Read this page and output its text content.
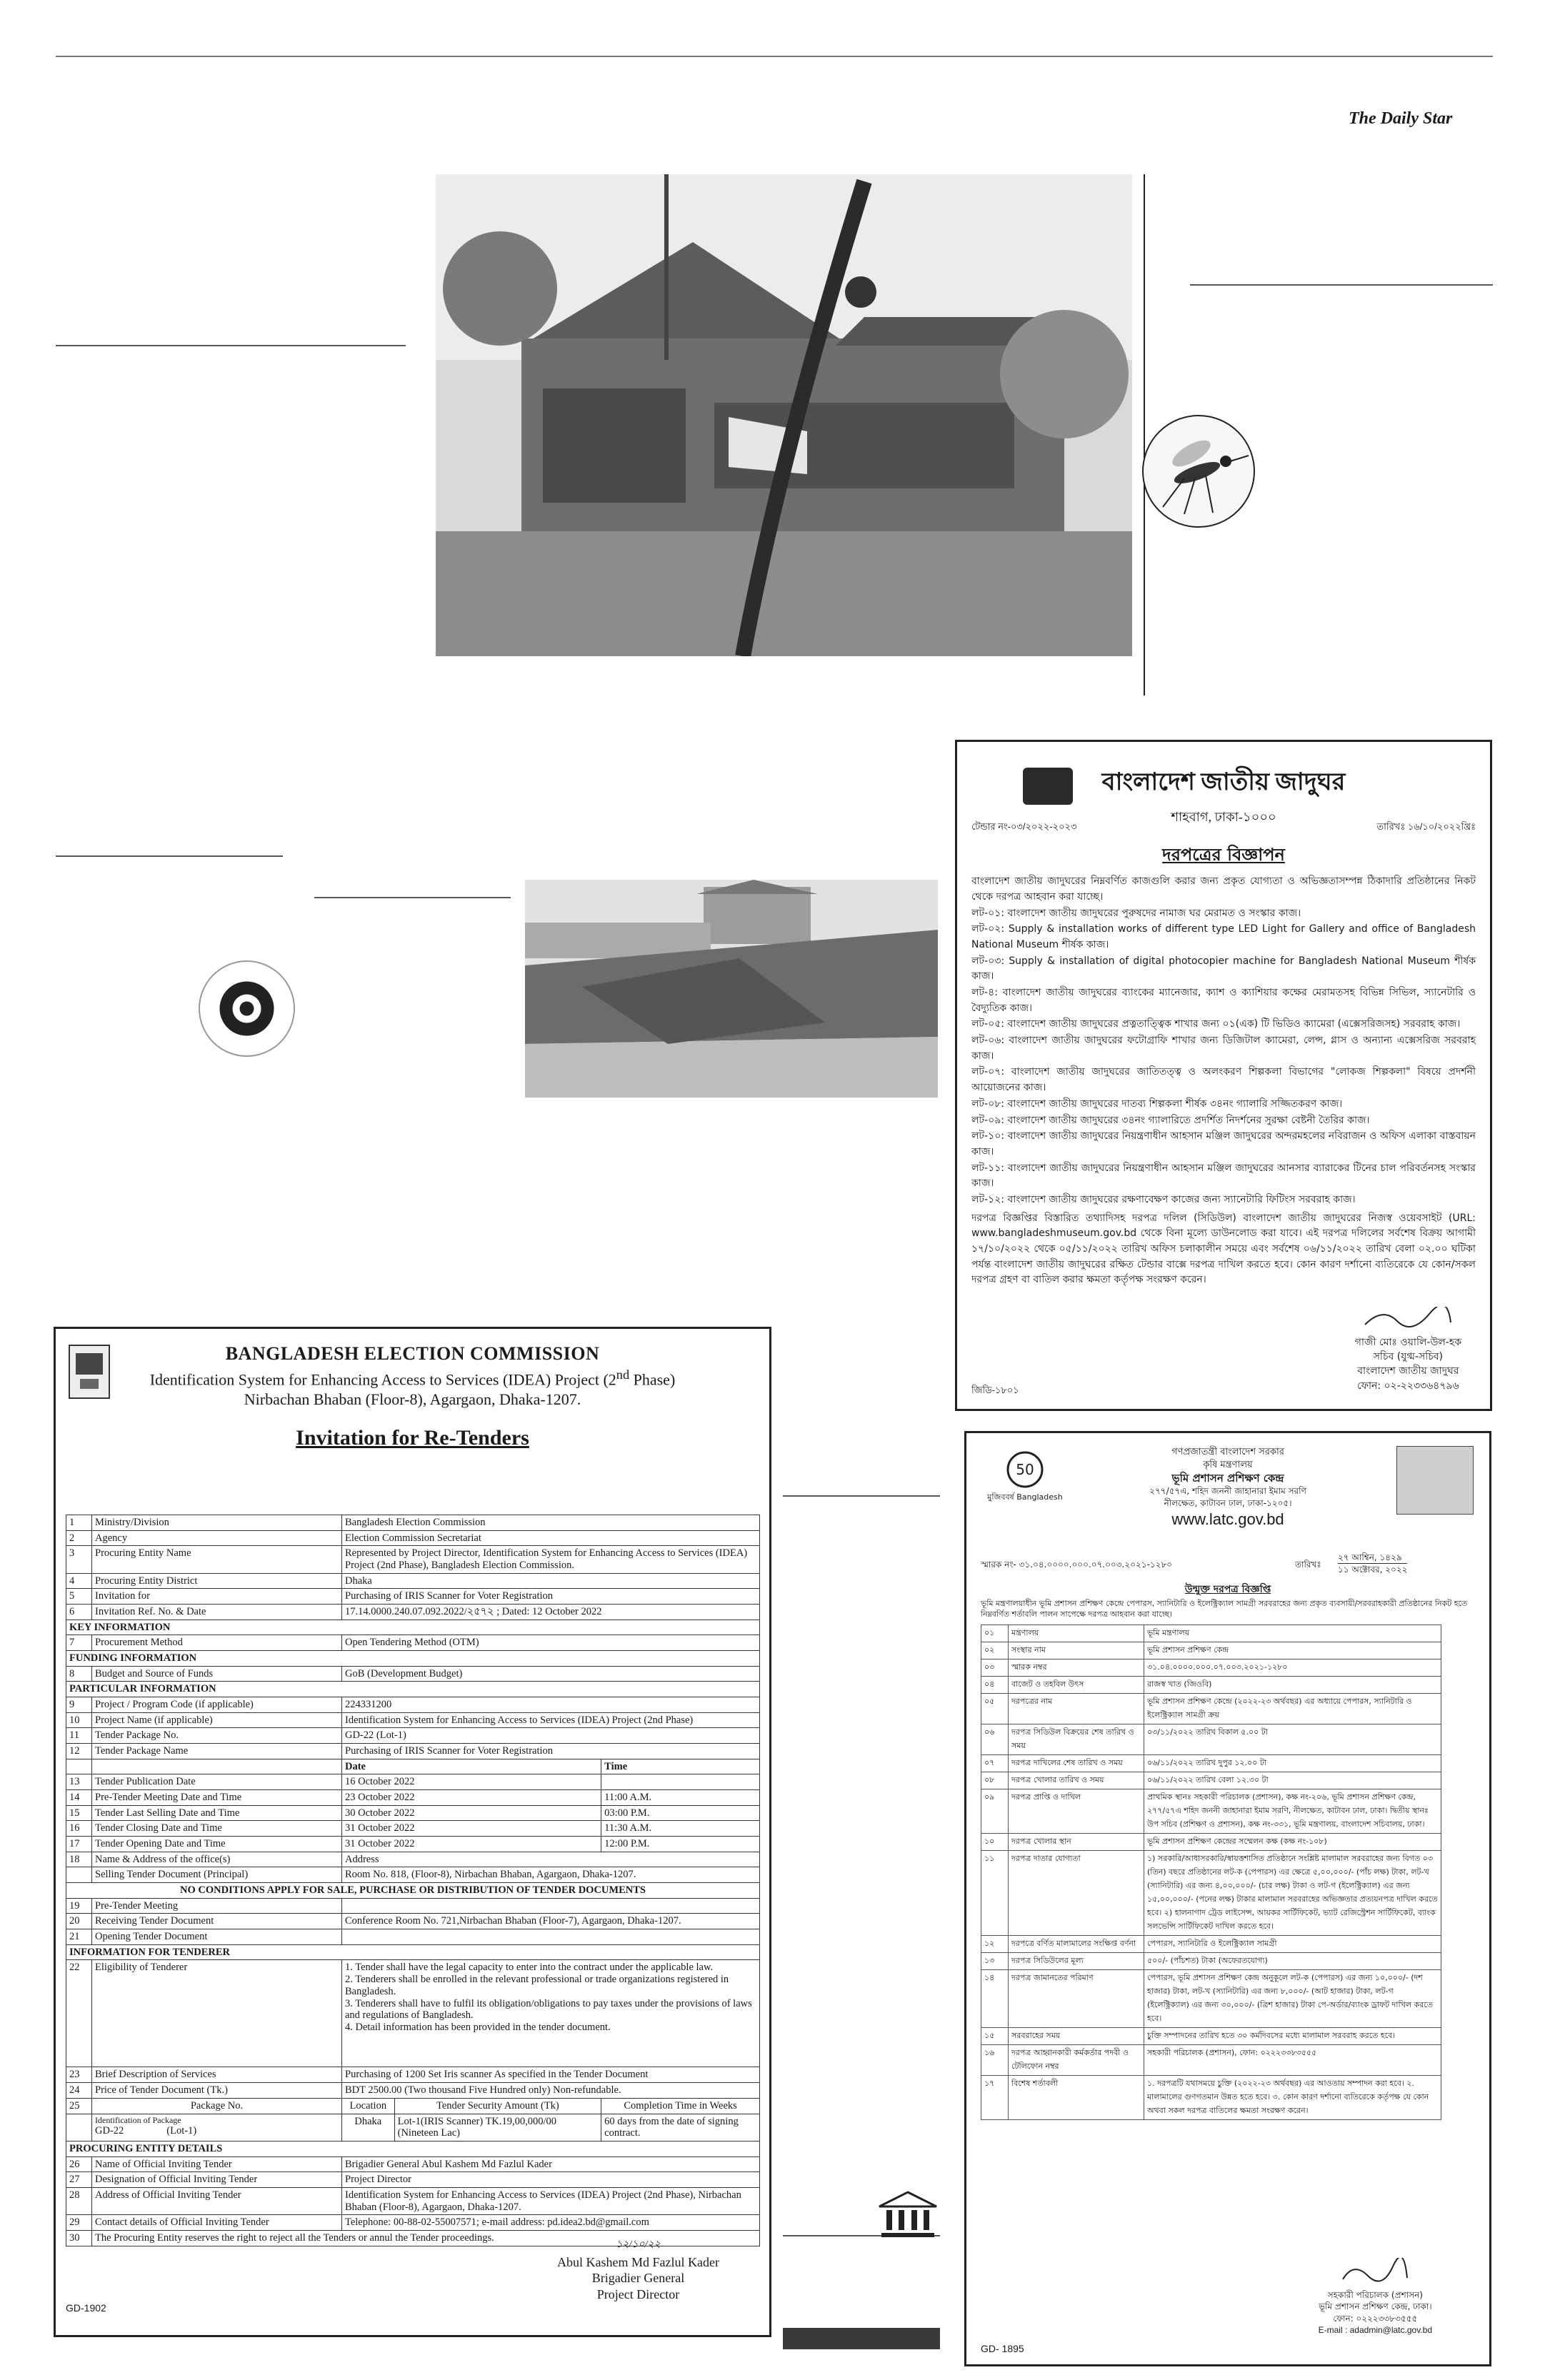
The Daily Star
BANGLADESH ELECTION COMMISSION
Identification System for Enhancing Access to Services (IDEA) Project (2nd Phase)
Nirbachan Bhaban (Floor-8), Agargaon, Dhaka-1207.
Invitation for Re-Tenders
1	Ministry/Division	Bangladesh Election Commission		
2	Agency	Election Commission Secretariat		
3	Procuring Entity Name	Represented by Project Director, Identification System for Enhancing Access to Services (IDEA) Project (2nd Phase), Bangladesh Election Commission.		
4	Procuring Entity District	Dhaka		
5	Invitation for	Purchasing of IRIS Scanner for Voter Registration		
6	Invitation Ref. No. & Date	17.14.0000.240.07.092.2022/২৫৭২ ; Dated: 12 October 2022		
KEY INFORMATION				
7	Procurement Method	Open Tendering Method (OTM)		
FUNDING INFORMATION				
8	Budget and Source of Funds	GoB (Development Budget)		
PARTICULAR INFORMATION				
9	Project / Program Code (if applicable)	224331200		
10	Project Name (if applicable)	Identification System for Enhancing Access to Services (IDEA) Project (2nd Phase)		
11	Tender Package No.	GD-22 (Lot-1)		
12	Tender Package Name	Purchasing of IRIS Scanner for Voter Registration		
		Date		Time
13	Tender Publication Date	16 October 2022		
14	Pre-Tender Meeting Date and Time	23 October 2022		11:00 A.M.
15	Tender Last Selling Date and Time	30 October 2022		03:00 P.M.
16	Tender Closing Date and Time	31 October 2022		11:30 A.M.
17	Tender Opening Date and Time	31 October 2022		12:00 P.M.
18	Name & Address of the office(s)	Address		
	Selling Tender Document (Principal)	Room No. 818, (Floor-8), Nirbachan Bhaban, Agargaon, Dhaka-1207.		
NO CONDITIONS APPLY FOR SALE, PURCHASE OR DISTRIBUTION OF TENDER DOCUMENTS				
19	Pre-Tender Meeting			
20	Receiving Tender Document	Conference Room No. 721,Nirbachan Bhaban (Floor-7), Agargaon, Dhaka-1207.		
21	Opening Tender Document			
INFORMATION FOR TENDERER				
22	Eligibility of Tenderer	1. Tender shall have the legal capacity to enter into the contract under the applicable law.
2. Tenderers shall be enrolled in the relevant professional or trade organizations registered in Bangladesh.
3. Tenderers shall have to fulfil its obligation/obligations to pay taxes under the provisions of laws and regulations of Bangladesh.
4. Detail information has been provided in the tender document.		
23	Brief Description of Services	Purchasing of 1200 Set Iris scanner As specified in the Tender Document		
24	Price of Tender Document (Tk.)	BDT 2500.00 (Two thousand Five Hundred only) Non-refundable.		
25	Package No.	Location	Tender Security Amount (Tk)	Completion Time in Weeks

	Identification of Package
GD-22 (Lot-1)	Dhaka	Lot-1(IRIS Scanner) TK.19,00,000/00 (Nineteen Lac)	60 days from the date of signing contract.
PROCURING ENTITY DETAILS				
26	Name of Official Inviting Tender	Brigadier General Abul Kashem Md Fazlul Kader		
27	Designation of Official Inviting Tender	Project Director		
28	Address of Official Inviting Tender	Identification System for Enhancing Access to Services (IDEA) Project (2nd Phase), Nirbachan Bhaban (Floor-8), Agargaon, Dhaka-1207.		
29	Contact details of Official Inviting Tender	Telephone: 00-88-02-55007571; e-mail address: pd.idea2.bd@gmail.com		
30	The Procuring Entity reserves the right to reject all the Tenders or annul the Tender proceedings.			
১২/১০/২২
Abul Kashem Md Fazlul Kader
Brigadier General
Project Director
GD-1902
বাংলাদেশ জাতীয় জাদুঘর
শাহবাগ, ঢাকা-১০০০
টেন্ডার নং-০৩/২০২২-২০২৩	তারিখঃ ১৬/১০/২০২২খ্রিঃ
দরপত্রের বিজ্ঞাপন

বাংলাদেশ জাতীয় জাদুঘরের নিম্নবর্ণিত কাজগুলি করার জন্য প্রকৃত যোগ্যতা ও অভিজ্ঞতাসম্পন্ন ঠিকাদারি প্রতিষ্ঠানের নিকট থেকে দরপত্র আহবান করা যাচ্ছে।

লট-০১: বাংলাদেশ জাতীয় জাদুঘরের পুরুষদের নামাজ ঘর মেরামত ও সংস্কার কাজ।

লট-০২: Supply & installation works of different type LED Light for Gallery and office of Bangladesh National Museum শীর্ষক কাজ।

লট-০৩: Supply & installation of digital photocopier machine for Bangladesh National Museum শীর্ষক কাজ।

লট-৪: বাংলাদেশ জাতীয় জাদুঘরের ব্যাংকের ম্যানেজার, ক্যাশ ও ক্যাশিয়ার কক্ষের মেরামতসহ বিভিন্ন সিভিল, স্যানেটারি ও বৈদ্যুতিক কাজ।

লট-০৫: বাংলাদেশ জাতীয় জাদুঘরের প্রত্নতাত্ত্বিক শাখার জন্য ০১(এক) টি ভিডিও ক্যামেরা (এক্সেসরিজসহ) সরবরাহ কাজ।

লট-০৬: বাংলাদেশ জাতীয় জাদুঘরের ফটোগ্রাফি শাখার জন্য ডিজিটাল ক্যামেরা, লেন্স, গ্লাস ও অন্যান্য এক্সেসরিজ সরবরাহ কাজ।

লট-০৭: বাংলাদেশ জাতীয় জাদুঘরের জাতিতত্ত্ব ও অলংকরণ শিল্পকলা বিভাগের "লোকজ শিল্পকলা" বিষয়ে প্রদর্শনী আয়োজনের কাজ।

লট-০৮: বাংলাদেশ জাতীয় জাদুঘরের দাতব্য শিল্পকলা শীর্ষক ৩৪নং গ্যালারি সজ্জিতকরণ কাজ।

লট-০৯: বাংলাদেশ জাতীয় জাদুঘরের ৩৪নং গ্যালারিতে প্রদর্শিত নিদর্শনের সুরক্ষা বেষ্টনী তৈরির কাজ।

লট-১০: বাংলাদেশ জাতীয় জাদুঘরের নিয়ন্ত্রণাধীন আহসান মঞ্জিল জাদুঘরের অন্দরমহলের নবিরাজন ও অফিস এলাকা বাস্তবায়ন কাজ।

লট-১১: বাংলাদেশ জাতীয় জাদুঘরের নিয়ন্ত্রণাধীন আহসান মঞ্জিল জাদুঘরের আনসার ব্যারাকের টিনের চাল পরিবর্তনসহ সংস্কার কাজ।

লট-১২: বাংলাদেশ জাতীয় জাদুঘরের রক্ষণাবেক্ষণ কাজের জন্য স্যানেটারি ফিটিংস সরবরাহ কাজ।

দরপত্র বিজ্ঞপ্তির বিস্তারিত তথ্যাদিসহ দরপত্র দলিল (সিডিউল) বাংলাদেশ জাতীয় জাদুঘরের নিজস্ব ওয়েবসাইট (URL: www.bangladeshmuseum.gov.bd থেকে বিনা মূল্যে ডাউনলোড করা যাবে। এই দরপত্র দলিলের সর্বশেষ বিক্রয় আগামী ১৭/১০/২০২২ থেকে ০৫/১১/২০২২ তারিখ অফিস চলাকালীন সময়ে এবং সর্বশেষ ০৬/১১/২০২২ তারিখ বেলা ০২.০০ ঘটিকা পর্যন্ত বাংলাদেশ জাতীয় জাদুঘরের রক্ষিত টেন্ডার বাক্সে দরপত্র দাখিল করতে হবে। কোন কারণ দর্শানো ব্যতিরেকে যে কোন/সকল দরপত্র গ্রহণ বা বাতিল করার ক্ষমতা কর্তৃপক্ষ সংরক্ষণ করেন।

গাজী মোঃ ওয়ালি-উল-হক
সচিব (যুগ্ম-সচিব)
বাংলাদেশ জাতীয় জাদুঘর
ফোন: ০২-২২৩৩৬৪৭৯৬
জিডি-১৮০১
50
মুজিববর্ষ Bangladesh
গণপ্রজাতন্ত্রী বাংলাদেশ সরকার
কৃষি মন্ত্রণালয়
ভূমি প্রশাসন প্রশিক্ষণ কেন্দ্র
২৭৭/৫৭এ, শহিদ জননী জাহানারা ইমাম সরণি
নীলক্ষেত, কাটাবন ঢাল, ঢাকা-১২০৫।
www.latc.gov.bd
স্মারক নং- ৩১.০৪.০০০০.০০০.০৭.০০৩.২০২১-১২৮০	তারিখঃ
২৭ আশ্বিন, ১৪২৯
১১ অক্টোবর, ২০২২
উন্মুক্ত দরপত্র বিজ্ঞপ্তি
ভূমি মন্ত্রণালয়াধীন ভূমি প্রশাসন প্রশিক্ষণ কেন্দ্রে পেপারস, স্যানিটারি ও ইলেক্ট্রিক্যাল সামগ্রী সরবরাহের জন্য প্রকৃত ব্যবসায়ী/সরবরাহকারী প্রতিষ্ঠানের নিকট হতে নিম্নবর্ণিত শর্তাবলি পালন সাপেক্ষে দরপত্র আহবান করা যাচ্ছে।
০১	মন্ত্রণালয়	ভূমি মন্ত্রণালয়
০২	সংস্থার নাম	ভূমি প্রশাসন প্রশিক্ষণ কেন্দ্র
০৩	স্মারক নম্বর	৩১.০৪.০০০০.০০০.০৭.০০৩.২০২১-১২৮০
০৪	বাজেট ও তহবিল উৎস	রাজস্ব খাত (জিওবি)
০৫	দরপত্রের নাম	ভূমি প্রশাসন প্রশিক্ষণ কেন্দ্রে (২০২২-২৩ অর্থবছর) এর অধ্যায়ে পেপারস, স্যানিটারি ও ইলেক্ট্রিক্যাল সামগ্রী ক্রয়
০৬	দরপত্র সিডিউল বিক্রয়ের শেষ তারিখ ও সময়	০৩/১১/২০২২ তারিখ বিকাল ৫.০০ টা
০৭	দরপত্র দাখিলের শেষ তারিখ ও সময়	০৬/১১/২০২২ তারিখ দুপুর ১২.০০ টা
০৮	দরপত্র খোলার তারিখ ও সময়	০৬/১১/২০২২ তারিখ বেলা ১২.৩০ টা
০৯	দরপত্র প্রাপ্তি ও দাখিল	প্রাথমিক স্থানঃ সহকারী পরিচালক (প্রশাসন), কক্ষ নং-২০৬, ভূমি প্রশাসন প্রশিক্ষণ কেন্দ্র, ২৭৭/৫৭এ শহিদ জননী জাহানারা ইমাম সরণি, নীলক্ষেত, কাটাবন ঢাল, ঢাকা। দ্বিতীয় স্থানঃ উপ সচিব (প্রশিক্ষণ ও প্রশাসন), কক্ষ নং-৩৩১, ভূমি মন্ত্রণালয়, বাংলাদেশ সচিবালয়, ঢাকা।
১০	দরপত্র খোলার স্থান	ভূমি প্রশাসন প্রশিক্ষণ কেন্দ্রের সম্মেলন কক্ষ (কক্ষ নং-১০৮)
১১	দরপত্র দাতার যোগ্যতা	১) সরকারি/আধাসরকারি/স্বায়ত্তশাসিত প্রতিষ্ঠানে সংশ্লিষ্ট মালামাল সরবরাহের জন্য বিগত ০৩ (তিন) বছরে প্রতিষ্ঠানের লট-ক (পেপারস) এর ক্ষেত্রে ৫,০০,০০০/- (পাঁচ লক্ষ) টাকা, লট-খ (স্যানিটারি) এর জন্য ৪,০০,০০০/- (চার লক্ষ) টাকা ও লট-গ (ইলেক্ট্রিক্যাল) এর জন্য ১৫,০০,০০০/- (পনের লক্ষ) টাকার মালামাল সরবরাহের অভিজ্ঞতার প্রত্যয়নপত্র দাখিল করতে হবে। ২) হালনাগাদ ট্রেড লাইসেন্স, আয়কর সার্টিফিকেট, ভ্যাট রেজিস্ট্রেশন সার্টিফিকেট, ব্যাংক সলভেন্সি সার্টিফিকেট দাখিল করতে হবে।
১২	দরপত্রে বর্ণিত মালামালের সংক্ষিপ্ত বর্ণনা	পেপারস, স্যানিটারি ও ইলেক্ট্রিক্যাল সামগ্রী
১৩	দরপত্র সিডিউলের মূল্য	৫০০/- (পাঁচশত) টাকা (অফেরতযোগ্য)
১৪	দরপত্র জামানতের পরিমাণ	পেপারস, ভূমি প্রশাসন প্রশিক্ষণ কেন্দ্র অনুকূলে লট-ক (পেপারস) এর জন্য ১০,০০০/- (দশ হাজার) টাকা, লট-খ (স্যানিটারি) এর জন্য ৮,০০০/- (আট হাজার) টাকা, লট-গ (ইলেক্ট্রিক্যাল) এর জন্য ৩০,০০০/- (ত্রিশ হাজার) টাকা পে-অর্ডার/ব্যাংক ড্রাফট দাখিল করতে হবে।
১৫	সরবরাহের সময়	চুক্তি সম্পাদনের তারিখ হতে ৩০ কর্মদিবসের মধ্যে মালামাল সরবরাহ করতে হবে।
১৬	দরপত্র আহ্বানকারী কর্মকর্তার পদবী ও টেলিফোন নম্বর	সহকারী পরিচালক (প্রশাসন), ফোন: ০২২২৩৩৮৩৫৫৫
১৭	বিশেষ শর্তাবলী	১. দরপত্রটি যথাসময়ে চুক্তি (২০২২-২৩ অর্থবছর) এর আওতায় সম্পাদন করা হবে। ২. মালামালের গুণগতমান উন্নত হতে হবে। ৩. কোন কারণ দর্শানো ব্যতিরেকে কর্তৃপক্ষ যে কোন অথবা সকল দরপত্র বাতিলের ক্ষমতা সংরক্ষণ করেন।
সহকারী পরিচালক (প্রশাসন)
ভূমি প্রশাসন প্রশিক্ষণ কেন্দ্র, ঢাকা।
ফোন: ০২২২৩৩৮৩৫৫৫
E-mail : adadmin@latc.gov.bd
GD- 1895
